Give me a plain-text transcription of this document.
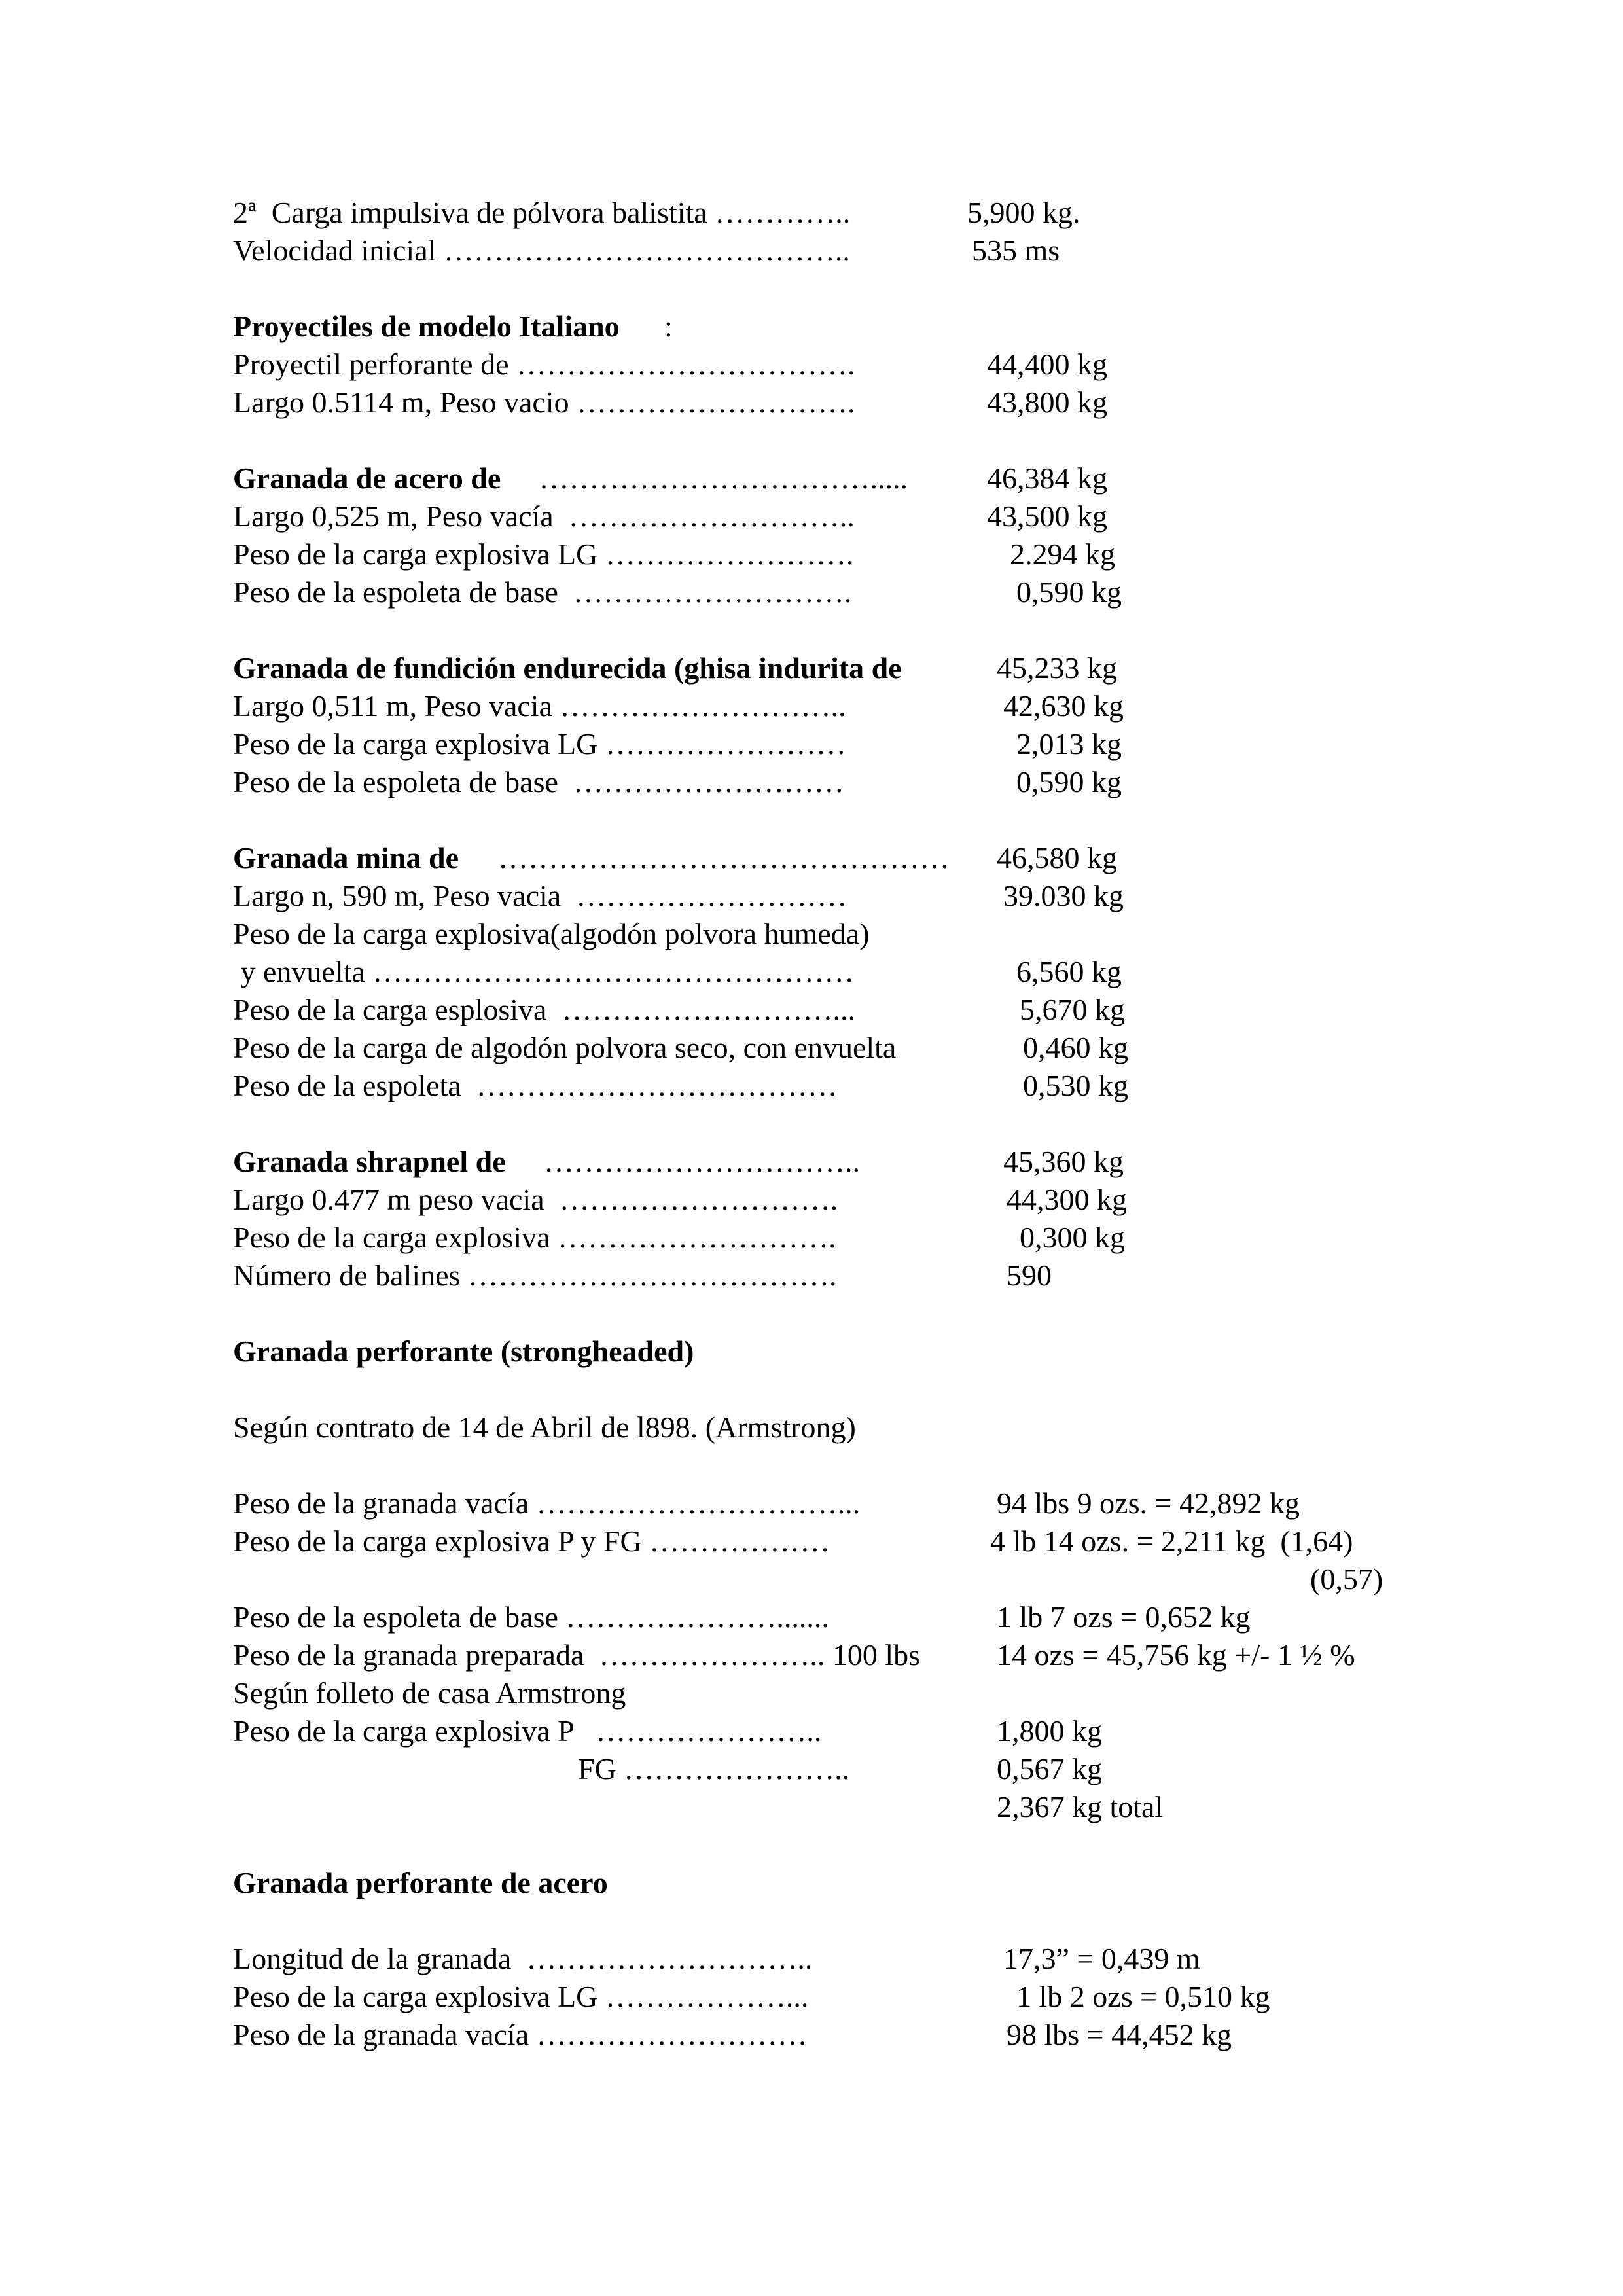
2ª  Carga impulsiva de pólvora balistita …………..	5,900 kg.
Velocidad inicial …………………………………..	535 ms
Proyectiles de modelo Italiano :
Proyectil perforante de …………………………….	44,400 kg
Largo 0.5114 m, Peso vacio ……………………….	43,800 kg
Granada de acero de …………………………….....	46,384 kg
Largo 0,525 m, Peso vacía  ………………………..	43,500 kg
Peso de la carga explosiva LG …………………….	2.294 kg
Peso de la espoleta de base  ……………………….	0,590 kg
Granada de fundición endurecida (ghisa indurita de	45,233 kg
Largo 0,511 m, Peso vacia ………………………..	42,630 kg
Peso de la carga explosiva LG ……………………	2,013 kg
Peso de la espoleta de base  ………………………	0,590 kg
Granada mina de ……………………………………… 46,580 kg
Largo n, 590 m, Peso vacia  ………………………	39.030 kg
Peso de la carga explosiva(algodón polvora humeda)
y envuelta …………………………………………	6,560 kg
Peso de la carga esplosiva  ………………………...	5,670 kg
Peso de la carga de algodón polvora seco, con envuelta	0,460 kg
Peso de la espoleta  ………………………………	0,530 kg
Granada shrapnel de …………………………..	45,360 kg
Largo 0.477 m peso vacia  ……………………….	44,300 kg
Peso de la carga explosiva ……………………….	0,300 kg
Número de balines ……………………………….	590
Granada perforante (strongheaded)
Según contrato de 14 de Abril de l898. (Armstrong)
Peso de la granada vacía …………………………...	94 lbs 9 ozs. = 42,892 kg
Peso de la carga explosiva P y FG ………………	4 lb 14 ozs. = 2,211 kg  (1,64)
(0,57)
Peso de la espoleta de base ………………….......	1 lb 7 ozs = 0,652 kg
Peso de la granada preparada  ………………….. 100 lbs	14 ozs = 45,756 kg +/- 1 ½ %
Según folleto de casa Armstrong
Peso de la carga explosiva P   …………………..	1,800 kg
FG …………………..	0,567 kg
2,367 kg total
Granada perforante de acero
Longitud de la granada  ………………………..	17,3” = 0,439 m
Peso de la carga explosiva LG ………………...	1 lb 2 ozs = 0,510 kg
Peso de la granada vacía ………………………	98 lbs = 44,452 kg
